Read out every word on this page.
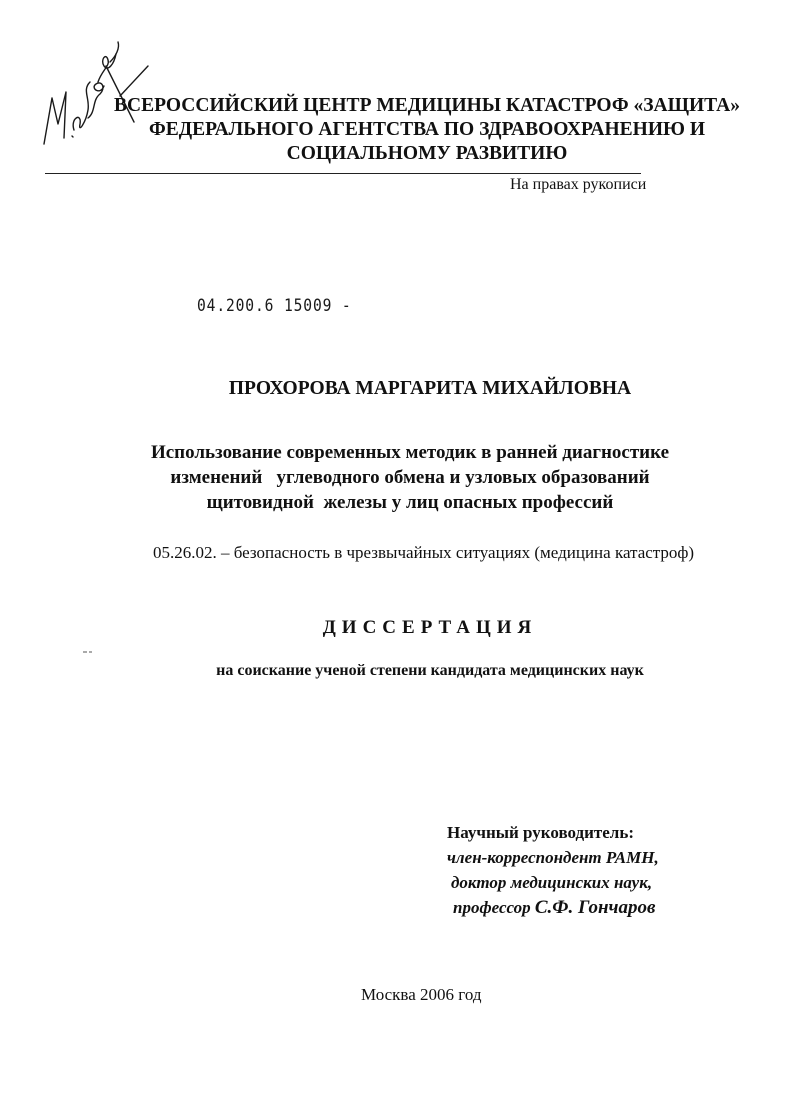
ВСЕРОССИЙСКИЙ ЦЕНТР МЕДИЦИНЫ КАТАСТРОФ «ЗАЩИТА»
ФЕДЕРАЛЬНОГО АГЕНТСТВА ПО ЗДРАВООХРАНЕНИЮ И
СОЦИАЛЬНОМУ РАЗВИТИЮ
На правах рукописи
04.200.6 15009 -
ПРОХОРОВА МАРГАРИТА МИХАЙЛОВНА
Использование современных методик в ранней диагностике
изменений   углеводного обмена и узловых образований
щитовидной  железы у лиц опасных профессий
05.26.02. – безопасность в чрезвычайных ситуациях (медицина катастроф)
ДИССЕРТАЦИЯ
на соискание ученой степени кандидата медицинских наук
Научный руководитель:
член-корреспондент РАМН,
доктор медицинских наук,
профессор С.Ф. Гончаров
Москва 2006 год
